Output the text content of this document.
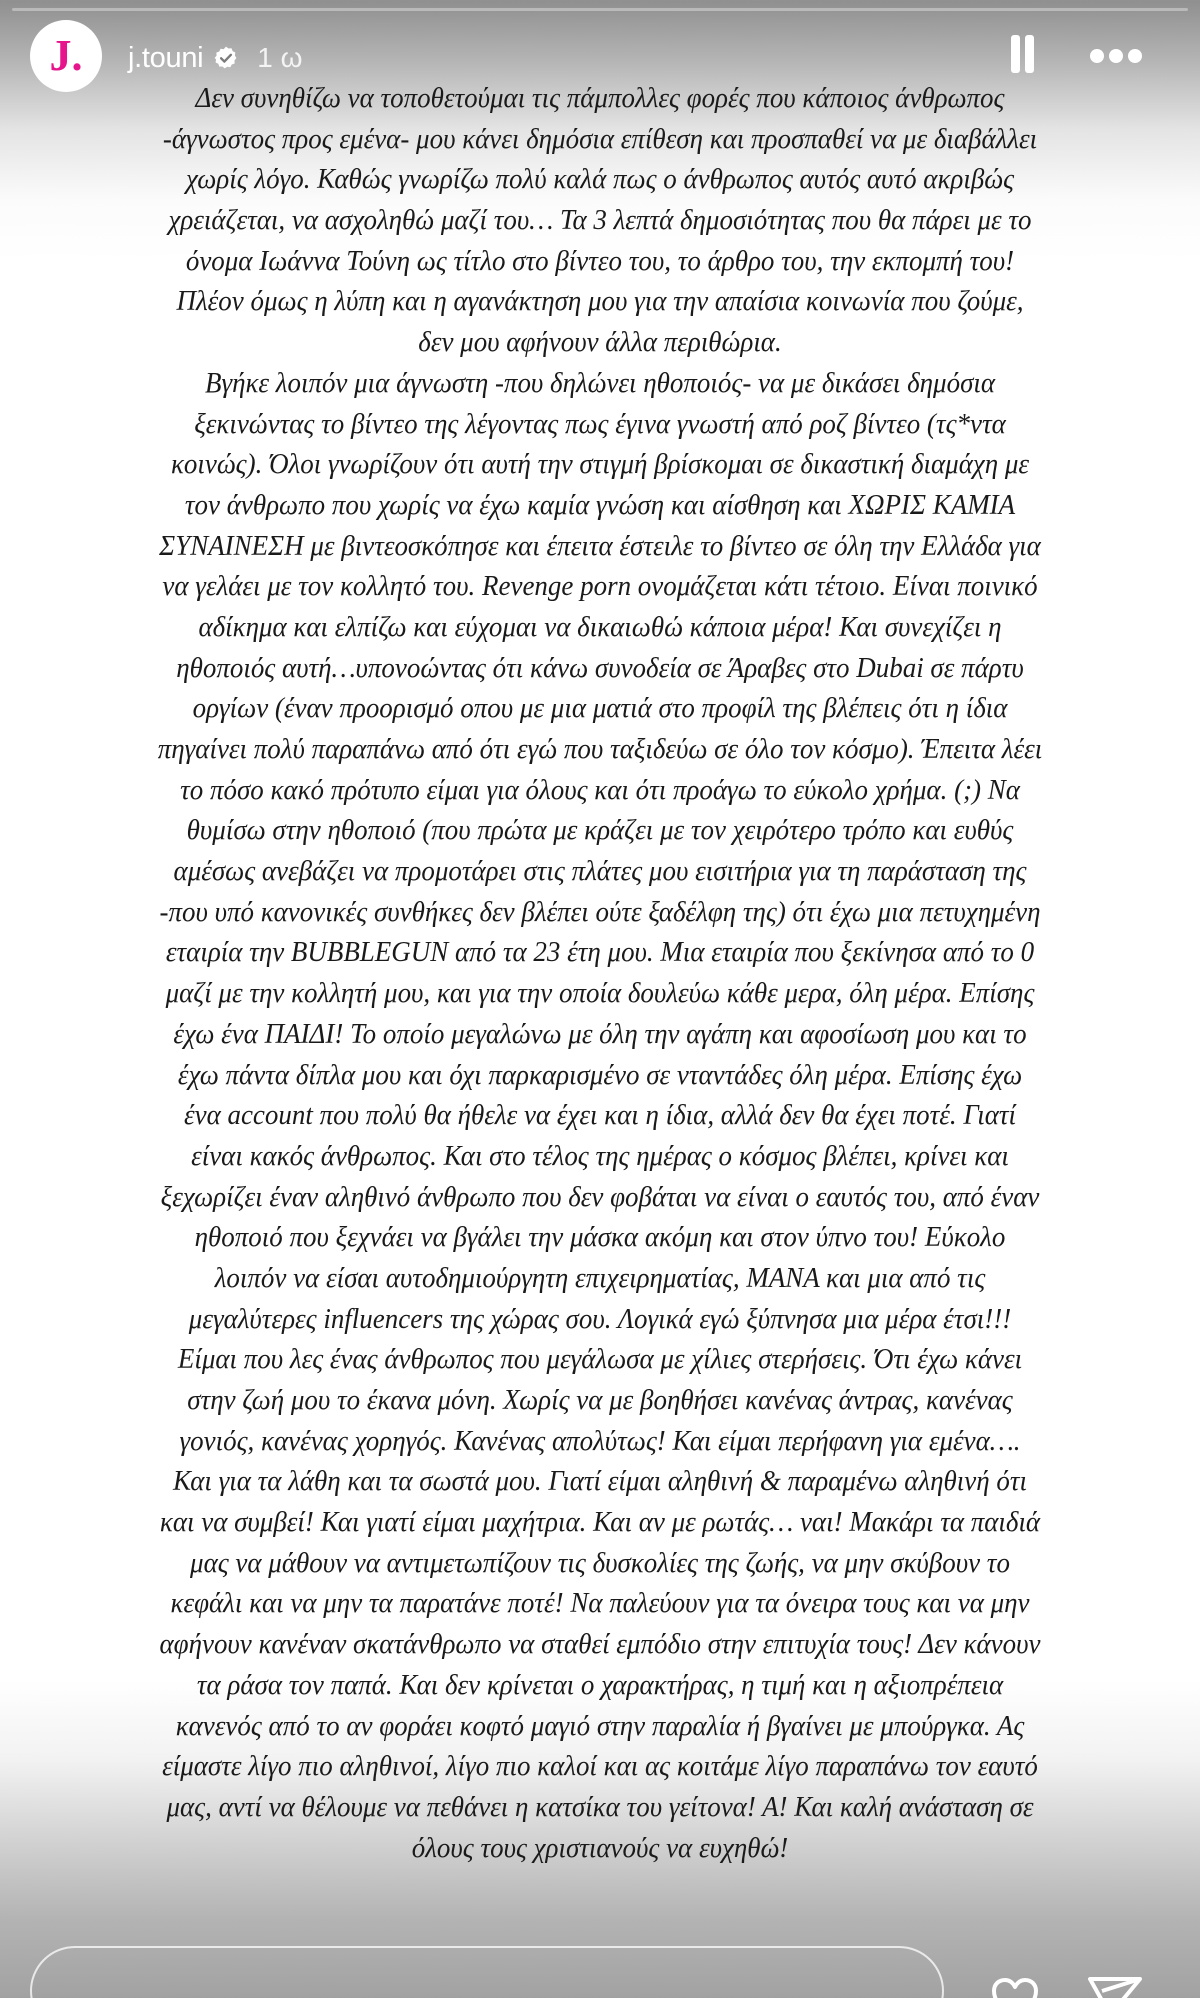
J. j.touni 1 ω
Δεν συνηθίζω να τοποθετούμαι τις πάμπολλες φορές που κάποιος άνθρωπος
-άγνωστος προς εμένα- μου κάνει δημόσια επίθεση και προσπαθεί να με διαβάλλει
χωρίς λόγο. Καθώς γνωρίζω πολύ καλά πως ο άνθρωπος αυτός αυτό ακριβώς
χρειάζεται, να ασχοληθώ μαζί του… Τα 3 λεπτά δημοσιότητας που θα πάρει με το
όνομα Ιωάννα Τούνη ως τίτλο στο βίντεο του, το άρθρο του, την εκπομπή του!
Πλέον όμως η λύπη και η αγανάκτηση μου για την απαίσια κοινωνία που ζούμε,
δεν μου αφήνουν άλλα περιθώρια.
Βγήκε λοιπόν μια άγνωστη -που δηλώνει ηθοποιός- να με δικάσει δημόσια
ξεκινώντας το βίντεο της λέγοντας πως έγινα γνωστή από ροζ βίντεο (τς*ντα
κοινώς). Όλοι γνωρίζουν ότι αυτή την στιγμή βρίσκομαι σε δικαστική διαμάχη με
τον άνθρωπο που χωρίς να έχω καμία γνώση και αίσθηση και ΧΩΡΙΣ ΚΑΜΙΑ
ΣΥΝΑΙΝΕΣΗ με βιντεοσκόπησε και έπειτα έστειλε το βίντεο σε όλη την Ελλάδα για
να γελάει με τον κολλητό του. Revenge porn ονομάζεται κάτι τέτοιο. Είναι ποινικό
αδίκημα και ελπίζω και εύχομαι να δικαιωθώ κάποια μέρα! Και συνεχίζει η
ηθοποιός αυτή…υπονοώντας ότι κάνω συνοδεία σε Άραβες στο Dubai σε πάρτυ
οργίων (έναν προορισμό οπου με μια ματιά στο προφίλ της βλέπεις ότι η ίδια
πηγαίνει πολύ παραπάνω από ότι εγώ που ταξιδεύω σε όλο τον κόσμο). Έπειτα λέει
το πόσο κακό πρότυπο είμαι για όλους και ότι προάγω το εύκολο χρήμα. (;) Να
θυμίσω στην ηθοποιό (που πρώτα με κράζει με τον χειρότερο τρόπο και ευθύς
αμέσως ανεβάζει να προμοτάρει στις πλάτες μου εισιτήρια για τη παράσταση της
-που υπό κανονικές συνθήκες δεν βλέπει ούτε ξαδέλφη της) ότι έχω μια πετυχημένη
εταιρία την BUBBLEGUN από τα 23 έτη μου. Μια εταιρία που ξεκίνησα από το 0
μαζί με την κολλητή μου, και για την οποία δουλεύω κάθε μερα, όλη μέρα. Επίσης
έχω ένα ΠΑΙΔΙ! Το οποίο μεγαλώνω με όλη την αγάπη και αφοσίωση μου και το
έχω πάντα δίπλα μου και όχι παρκαρισμένο σε νταντάδες όλη μέρα. Επίσης έχω
ένα account που πολύ θα ήθελε να έχει και η ίδια, αλλά δεν θα έχει ποτέ. Γιατί
είναι κακός άνθρωπος. Και στο τέλος της ημέρας ο κόσμος βλέπει, κρίνει και
ξεχωρίζει έναν αληθινό άνθρωπο που δεν φοβάται να είναι ο εαυτός του, από έναν
ηθοποιό που ξεχνάει να βγάλει την μάσκα ακόμη και στον ύπνο του! Εύκολο
λοιπόν να είσαι αυτοδημιούργητη επιχειρηματίας, ΜΑΝΑ και μια από τις
μεγαλύτερες influencers της χώρας σου. Λογικά εγώ ξύπνησα μια μέρα έτσι!!!
Είμαι που λες ένας άνθρωπος που μεγάλωσα με χίλιες στερήσεις. Ότι έχω κάνει
στην ζωή μου το έκανα μόνη. Χωρίς να με βοηθήσει κανένας άντρας, κανένας
γονιός, κανένας χορηγός. Κανένας απολύτως! Και είμαι περήφανη για εμένα….
Και για τα λάθη και τα σωστά μου. Γιατί είμαι αληθινή & παραμένω αληθινή ότι
και να συμβεί! Και γιατί είμαι μαχήτρια. Και αν με ρωτάς… ναι! Μακάρι τα παιδιά
μας να μάθουν να αντιμετωπίζουν τις δυσκολίες της ζωής, να μην σκύβουν το
κεφάλι και να μην τα παρατάνε ποτέ! Να παλεύουν για τα όνειρα τους και να μην
αφήνουν κανέναν σκατάνθρωπο να σταθεί εμπόδιο στην επιτυχία τους! Δεν κάνουν
τα ράσα τον παπά. Και δεν κρίνεται ο χαρακτήρας, η τιμή και η αξιοπρέπεια
κανενός από το αν φοράει κοφτό μαγιό στην παραλία ή βγαίνει με μπούργκα. Ας
είμαστε λίγο πιο αληθινοί, λίγο πιο καλοί και ας κοιτάμε λίγο παραπάνω τον εαυτό
μας, αντί να θέλουμε να πεθάνει η κατσίκα του γείτονα! Α! Και καλή ανάσταση σε
όλους τους χριστιανούς να ευχηθώ!
